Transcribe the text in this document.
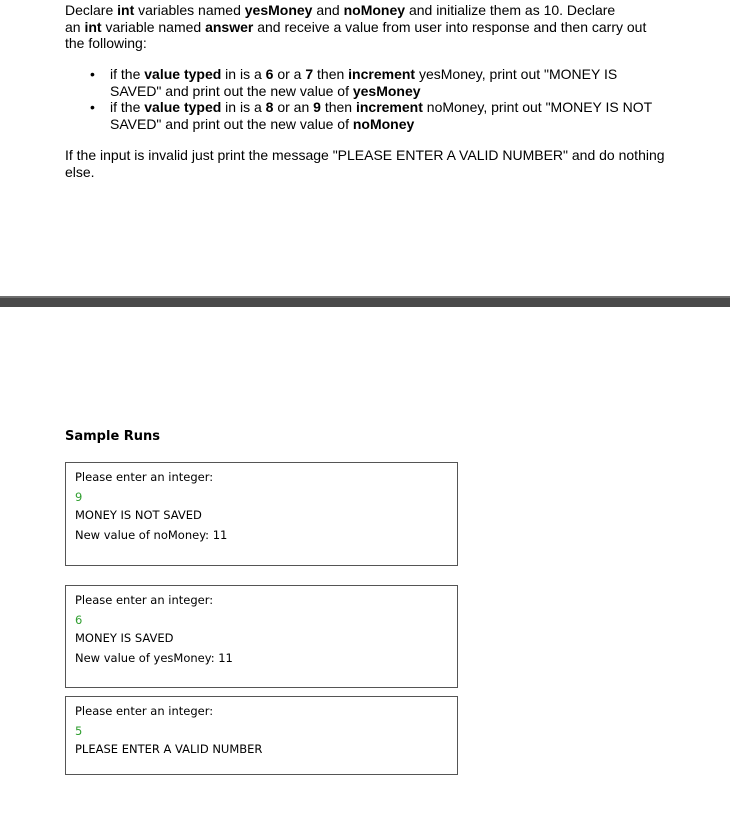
Declare int variables named yesMoney and noMoney and initialize them as 10. Declare
an int variable named answer and receive a value from user into response and then carry out
the following:
• if the value typed in is a 6 or a 7 then increment yesMoney, print out "MONEY IS
SAVED" and print out the new value of yesMoney
• if the value typed in is a 8 or an 9 then increment noMoney, print out "MONEY IS NOT
SAVED" and print out the new value of noMoney
If the input is invalid just print the message "PLEASE ENTER A VALID NUMBER" and do nothing else.
Sample Runs
Please enter an integer:
9
MONEY IS NOT SAVED
New value of noMoney: 11
Please enter an integer:
6
MONEY IS SAVED
New value of yesMoney: 11
Please enter an integer:
5
PLEASE ENTER A VALID NUMBER
